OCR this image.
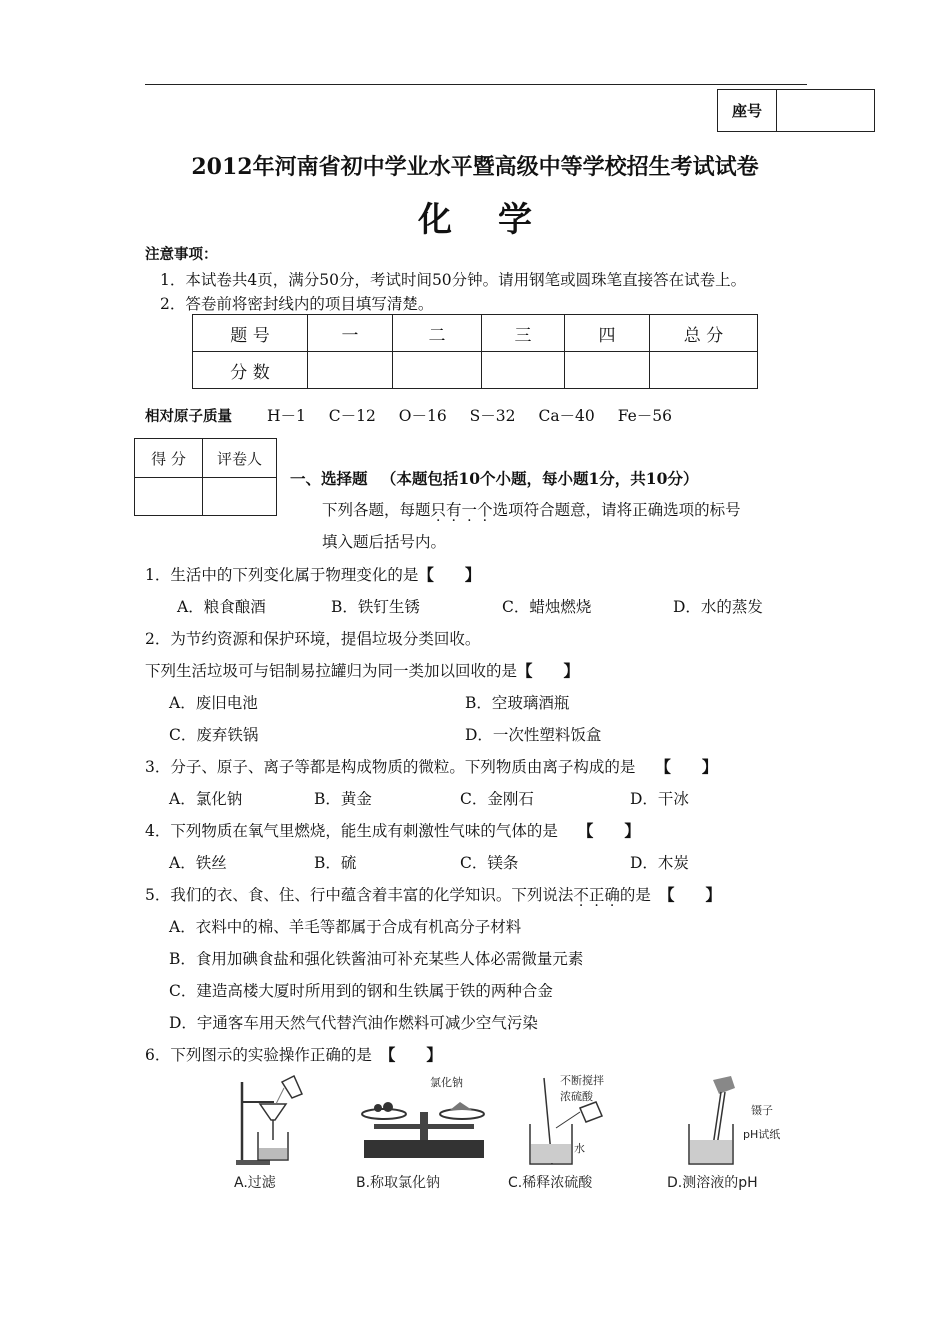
座号
2012年河南省初中学业水平暨高级中等学校招生考试试卷
化学
注意事项：
1．本试卷共4页，满分50分，考试时间50分钟。请用钢笔或圆珠笔直接答在试卷上。
2．答卷前将密封线内的项目填写清楚。
题 号	一	二	三	四	总 分
分 数					
相对原子质量 H－1 C－12 O－16 S－32 Ca－40 Fe－56
得 分	评卷人

一、选择题 （本题包括10个小题，每小题1分，共10分）
下列各题，每题只有一个选项符合题意，请将正确选项的标号
填入题后括号内。
1．生活中的下列变化属于物理变化的是【　　】
A．粮食酿酒	B．铁钉生锈	C．蜡烛燃烧	D．水的蒸发
2．为节约资源和保护环境，提倡垃圾分类回收。
下列生活垃圾可与铝制易拉罐归为同一类加以回收的是【　　】
A．废旧电池	B．空玻璃酒瓶
C．废弃铁锅	D．一次性塑料饭盒
3．分子、原子、离子等都是构成物质的微粒。下列物质由离子构成的是 【　　】
A．氯化钠	B．黄金	C．金刚石	D．干冰
4．下列物质在氧气里燃烧，能生成有刺激性气味的气体的是 【　　】
A．铁丝	B．硫	C．镁条	D．木炭
5．我们的衣、食、住、行中蕴含着丰富的化学知识。下列说法不正确的是 【　　】
A．衣料中的棉、羊毛等都属于合成有机高分子材料
B．食用加碘食盐和强化铁酱油可补充某些人体必需微量元素
C．建造高楼大厦时所用到的钢和生铁属于铁的两种合金
D．宇通客车用天然气代替汽油作燃料可减少空气污染
6．下列图示的实验操作正确的是 【　　】
A.过滤
氯化钠
B.称取氯化钠
不断搅拌
浓硫酸
水
C.稀释浓硫酸
镊子
pH试纸
D.测溶液的pH
